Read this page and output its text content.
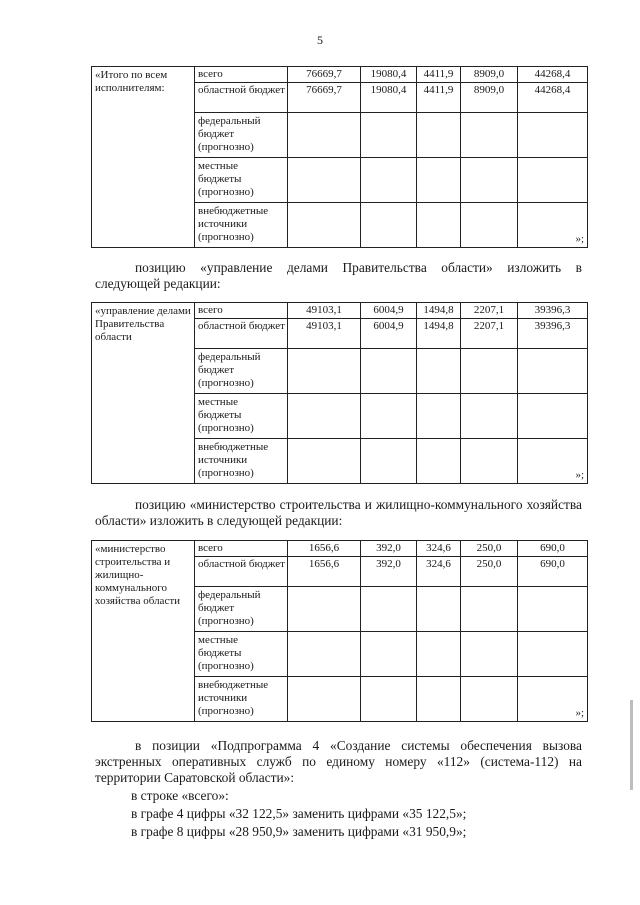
5
«Итого по всем исполнителям:	всего	76669,7	19080,4	4411,9	8909,0	44268,4
	областной бюджет	76669,7	19080,4	4411,9	8909,0	44268,4
	федеральный бюджет (прогнозно)					
	местные бюджеты (прогнозно)					
	внебюджетные источники (прогнозно)					»;
позицию «управление делами Правительства области» изложить в следующей редакции:
«управление делами Правительства области	всего	49103,1	6004,9	1494,8	2207,1	39396,3
	областной бюджет	49103,1	6004,9	1494,8	2207,1	39396,3
	федеральный бюджет (прогнозно)					
	местные бюджеты (прогнозно)					
	внебюджетные источники (прогнозно)					»;
позицию «министерство строительства и жилищно-коммунального хозяйства области» изложить в следующей редакции:
«министерство строительства и жилищно-коммунального хозяйства области	всего	1656,6	392,0	324,6	250,0	690,0
	областной бюджет	1656,6	392,0	324,6	250,0	690,0
	федеральный бюджет (прогнозно)					
	местные бюджеты (прогнозно)					
	внебюджетные источники (прогнозно)					»;
в позиции «Подпрограмма 4 «Создание системы обеспечения вызова экстренных оперативных служб по единому номеру «112» (система-112) на территории Саратовской области»:
в строке «всего»:
в графе 4 цифры «32 122,5» заменить цифрами «35 122,5»;
в графе 8 цифры «28 950,9» заменить цифрами «31 950,9»;
